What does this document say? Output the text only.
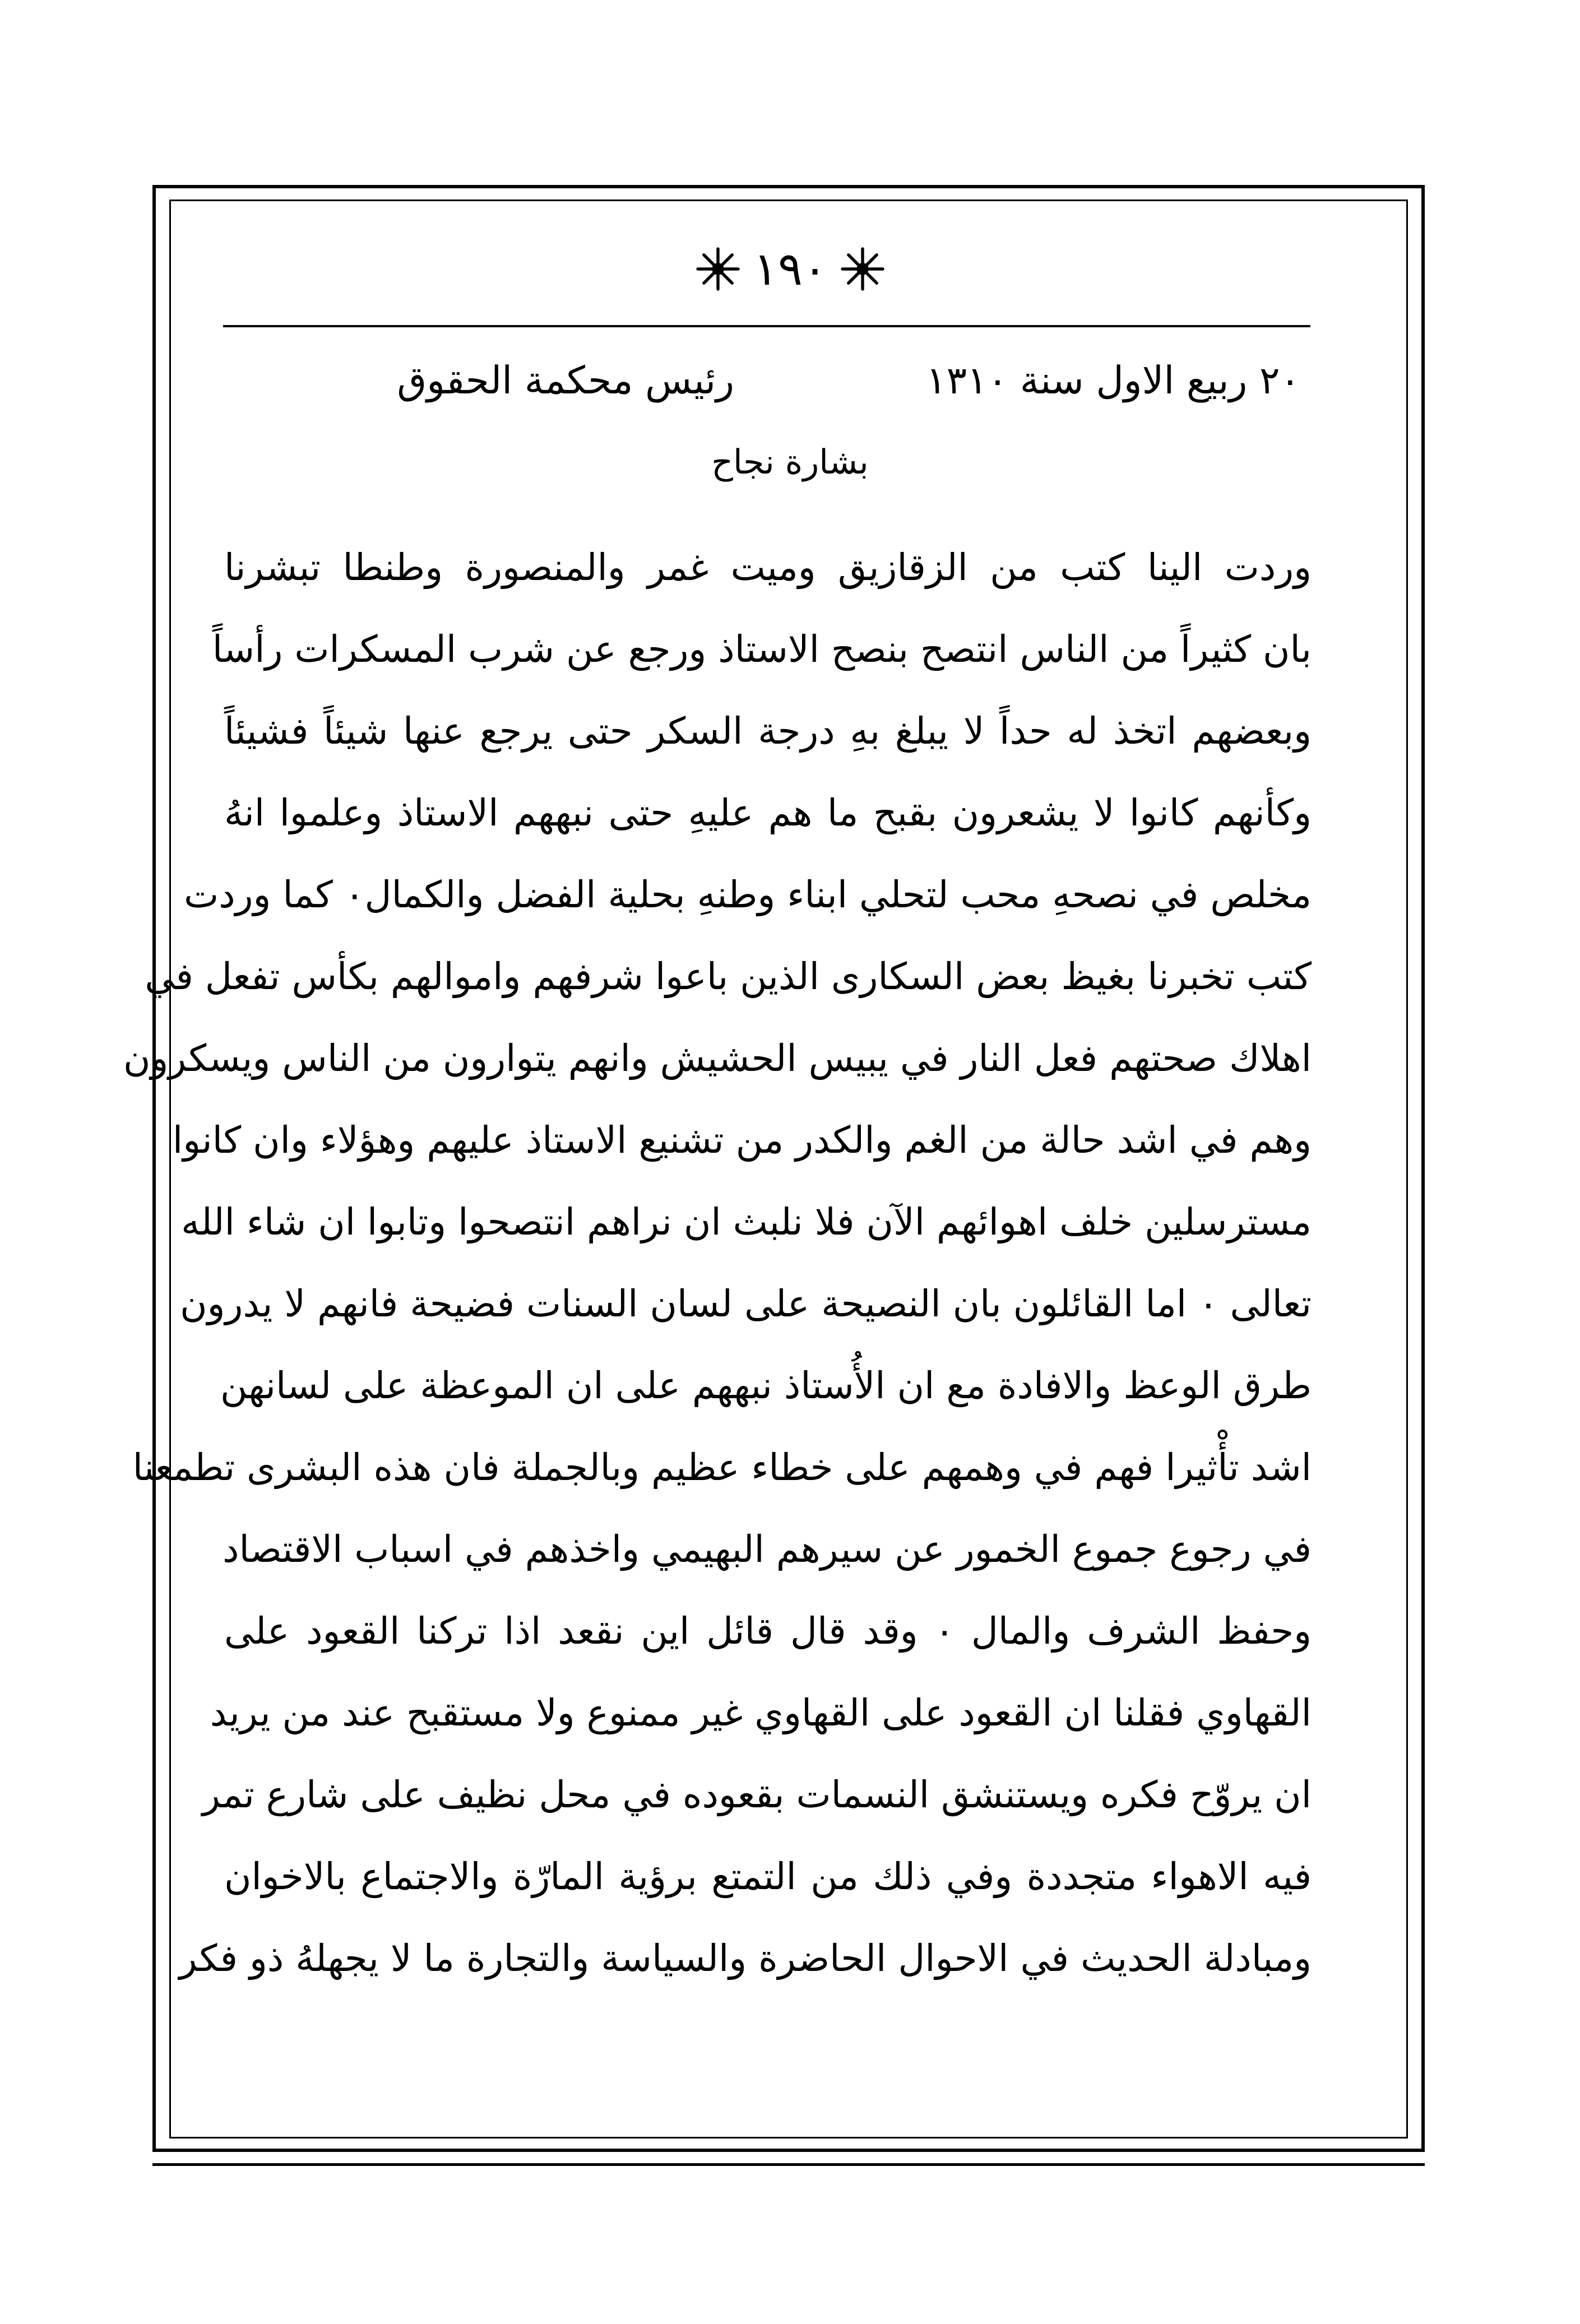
١٩٠
٢٠ ربيع الاول سنة ١٣١٠
رئيس محكمة الحقوق
بشارة نجاح
وردت الينا كتب من الزقازيق وميت غمر والمنصورة وطنطا تبشرنا
بان كثيراً من الناس انتصح بنصح الاستاذ ورجع عن شرب المسكرات رأساً
وبعضهم اتخذ له حداً لا يبلغ بهِ درجة السكر حتى يرجع عنها شيئاً فشيئاً
وكأنهم كانوا لا يشعرون بقبح ما هم عليهِ حتى نبههم الاستاذ وعلموا انهُ
مخلص في نصحهِ محب لتحلي ابناء وطنهِ بحلية الفضل والكمال٠ كما وردت
كتب تخبرنا بغيظ بعض السكارى الذين باعوا شرفهم واموالهم بكأس تفعل في
اهلاك صحتهم فعل النار في يبيس الحشيش وانهم يتوارون من الناس ويسكرون
وهم في اشد حالة من الغم والكدر من تشنيع الاستاذ عليهم وهؤلاء وان كانوا
مسترسلين خلف اهوائهم الآن فلا نلبث ان نراهم انتصحوا وتابوا ان شاء الله
تعالى ٠ اما القائلون بان النصيحة على لسان السنات فضيحة فانهم لا يدرون
طرق الوعظ والافادة مع ان الأُستاذ نبههم على ان الموعظة على لسانهن
اشد تأْثيرا فهم في وهمهم على خطاء عظيم وبالجملة فان هذه البشرى تطمعنا
في رجوع جموع الخمور عن سيرهم البهيمي واخذهم في اسباب الاقتصاد
وحفظ الشرف والمال ٠ وقد قال قائل اين نقعد اذا تركنا القعود على
القهاوي فقلنا ان القعود على القهاوي غير ممنوع ولا مستقبح عند من يريد
ان يروّح فكره ويستنشق النسمات بقعوده في محل نظيف على شارع تمر
فيه الاهواء متجددة وفي ذلك من التمتع برؤية المارّة والاجتماع بالاخوان
ومبادلة الحديث في الاحوال الحاضرة والسياسة والتجارة ما لا يجهلهُ ذو فكر
